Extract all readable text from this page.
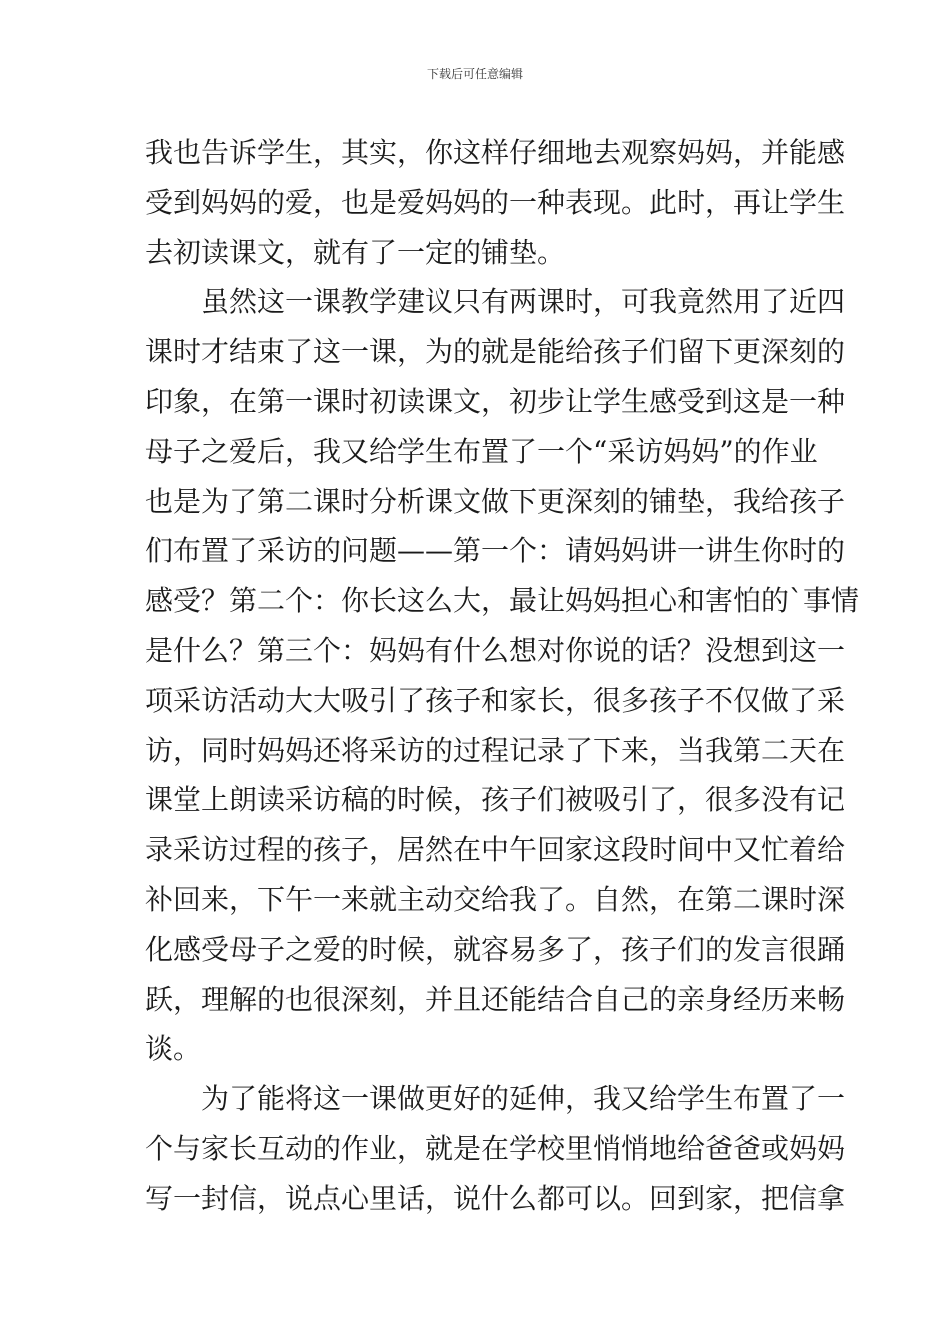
下载后可任意编辑
我也告诉学生，其实，你这样仔细地去观察妈妈，并能感
受到妈妈的爱，也是爱妈妈的一种表现。此时，再让学生
去初读课文，就有了一定的铺垫。
　　虽然这一课教学建议只有两课时，可我竟然用了近四
课时才结束了这一课，为的就是能给孩子们留下更深刻的
印象，在第一课时初读课文，初步让学生感受到这是一种
母子之爱后，我又给学生布置了一个“采访妈妈”的作业
也是为了第二课时分析课文做下更深刻的铺垫，我给孩子
们布置了采访的问题——第一个：请妈妈讲一讲生你时的
感受？第二个：你长这么大，最让妈妈担心和害怕的`事情
是什么？第三个：妈妈有什么想对你说的话？没想到这一
项采访活动大大吸引了孩子和家长，很多孩子不仅做了采
访，同时妈妈还将采访的过程记录了下来，当我第二天在
课堂上朗读采访稿的时候，孩子们被吸引了，很多没有记
录采访过程的孩子，居然在中午回家这段时间中又忙着给
补回来，下午一来就主动交给我了。自然，在第二课时深
化感受母子之爱的时候，就容易多了，孩子们的发言很踊
跃，理解的也很深刻，并且还能结合自己的亲身经历来畅
谈。
　　为了能将这一课做更好的延伸，我又给学生布置了一
个与家长互动的作业，就是在学校里悄悄地给爸爸或妈妈
写一封信，说点心里话，说什么都可以。回到家，把信拿
